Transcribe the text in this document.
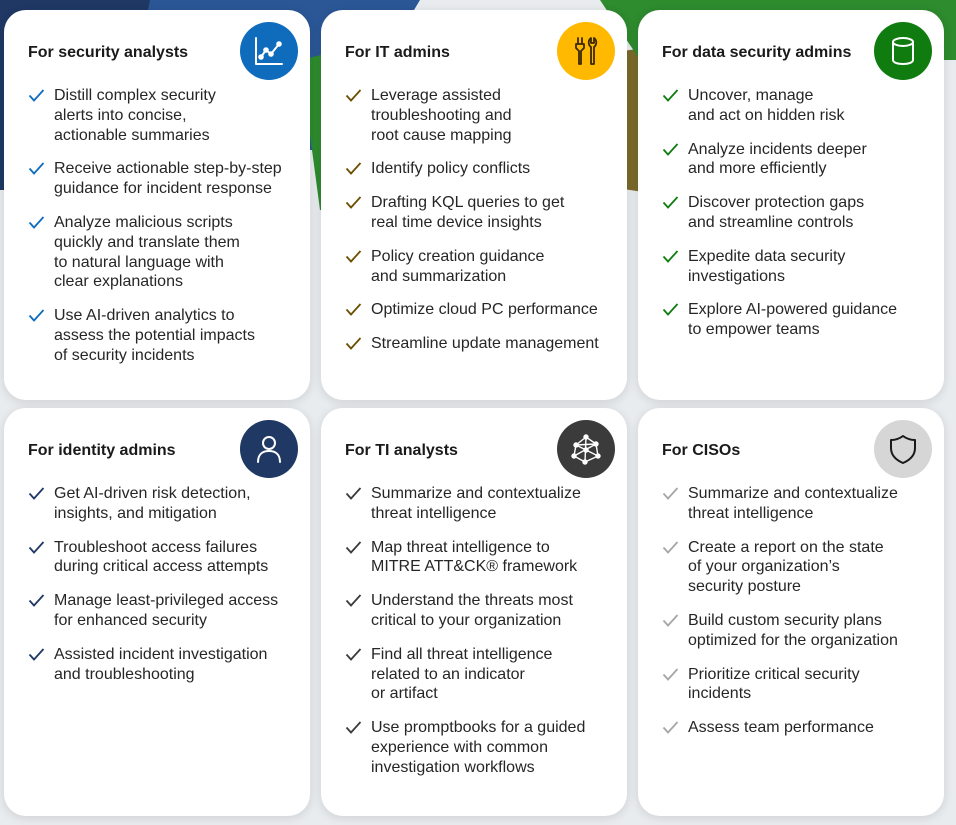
For security analysts
Distill complex security
alerts into concise,
actionable summaries
Receive actionable step-by-step
guidance for incident response
Analyze malicious scripts
quickly and translate them
to natural language with
clear explanations
Use AI-driven analytics to
assess the potential impacts
of security incidents
For IT admins
Leverage assisted
troubleshooting and
root cause mapping
Identify policy conflicts
Drafting KQL queries to get
real time device insights
Policy creation guidance
and summarization
Optimize cloud PC performance
Streamline update management
For data security admins
Uncover, manage
and act on hidden risk
Analyze incidents deeper
and more efficiently
Discover protection gaps
and streamline controls
Expedite data security
investigations
Explore AI-powered guidance
to empower teams
For identity admins
Get AI-driven risk detection,
insights, and mitigation
Troubleshoot access failures
during critical access attempts
Manage least-privileged access
for enhanced security
Assisted incident investigation
and troubleshooting
For TI analysts
Summarize and contextualize
threat intelligence
Map threat intelligence to
MITRE ATT&CK® framework
Understand the threats most
critical to your organization
Find all threat intelligence
related to an indicator
or artifact
Use promptbooks for a guided
experience with common
investigation workflows
For CISOs
Summarize and contextualize
threat intelligence
Create a report on the state
of your organization’s
security posture
Build custom security plans
optimized for the organization
Prioritize critical security
incidents
Assess team performance
